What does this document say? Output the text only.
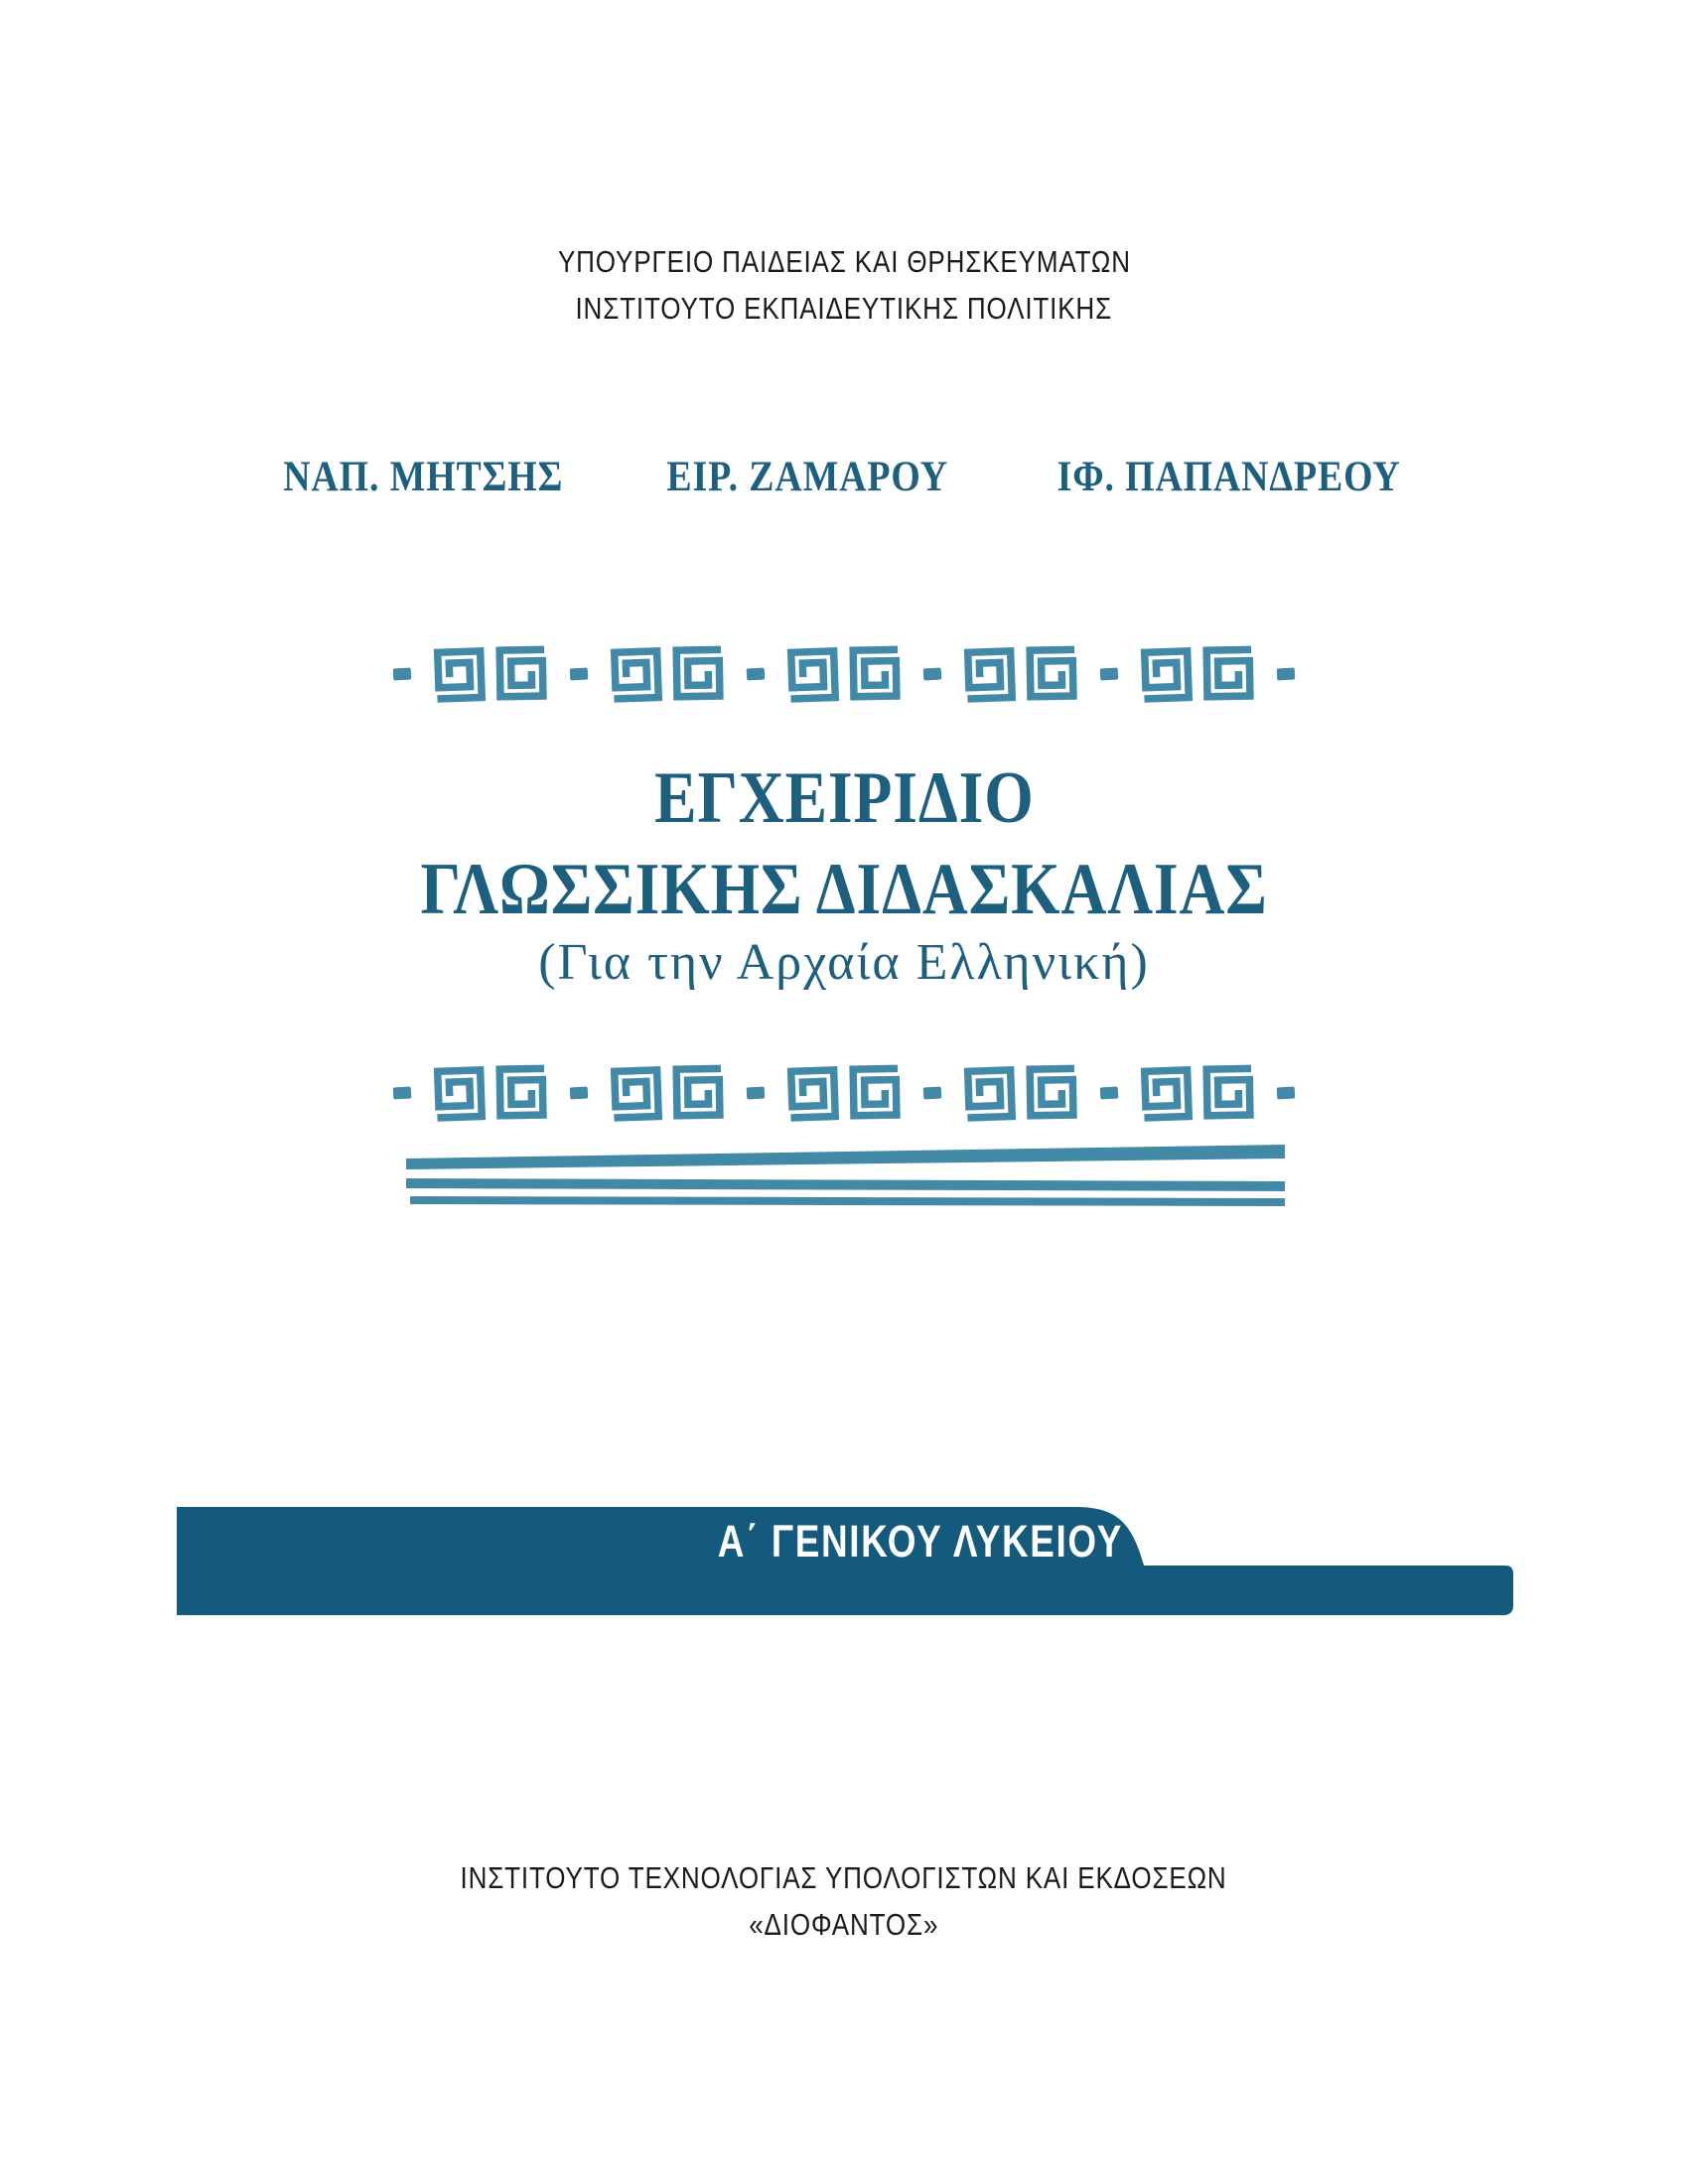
ΥΠΟΥΡΓΕΙΟ ΠΑΙΔΕΙΑΣ ΚΑΙ ΘΡΗΣΚΕΥΜΑΤΩΝ

ΙΝΣΤΙΤΟΥΤΟ ΕΚΠΑΙΔΕΥΤΙΚΗΣ ΠΟΛΙΤΙΚΗΣ

ΝΑΠ. ΜΗΤΣΗΣ ΕΙΡ. ΖΑΜΑΡΟΥ	ΙΦ. ΠΑΠΑΝΔΡΕΟΥ
ΕΓΧΕΙΡΙΔΙΟ
ΓΛΩΣΣΙΚΗΣ ΔΙΔΑΣΚΑΛΙΑΣ
(Για την Αρχαία Ελληνική)
Α΄ ΓΕΝΙΚΟΥ ΛΥΚΕΙΟΥ

ΙΝΣΤΙΤΟΥΤΟ ΤΕΧΝΟΛΟΓΙΑΣ ΥΠΟΛΟΓΙΣΤΩΝ ΚΑΙ ΕΚΔΟΣΕΩΝ

«ΔΙΟΦΑΝΤΟΣ»
